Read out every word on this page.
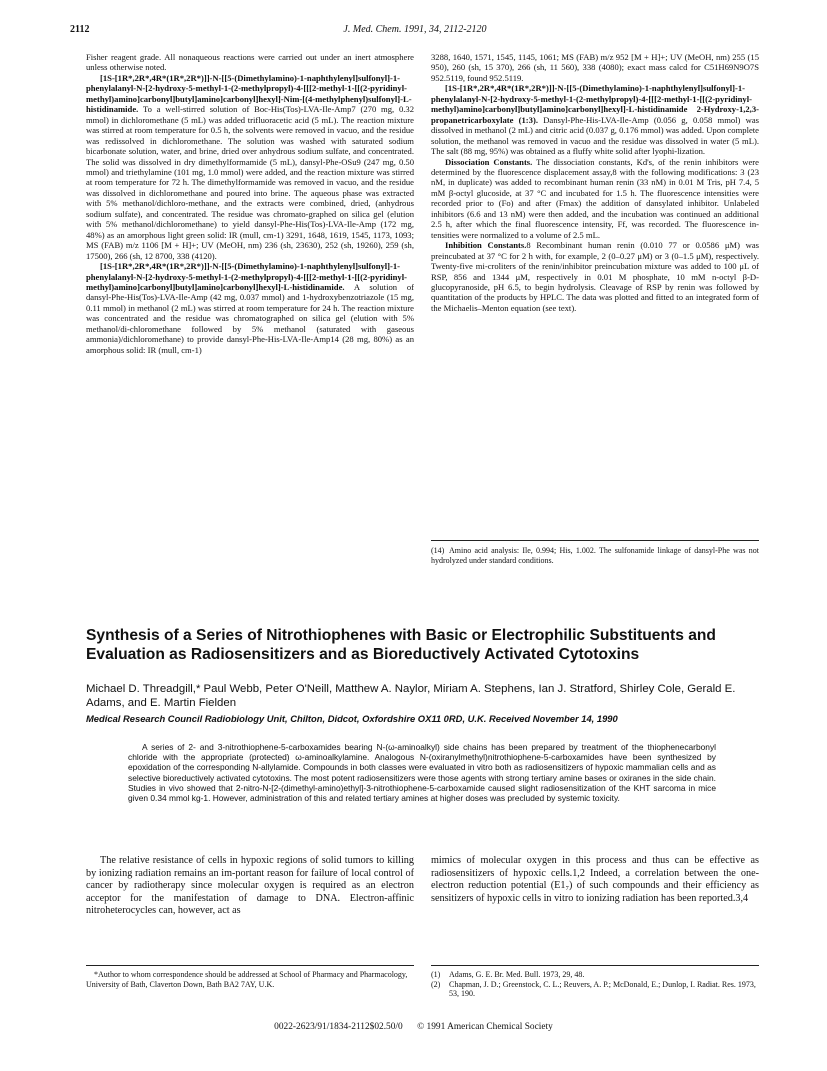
2112	J. Med. Chem. 1991, 34, 2112-2120

Fisher reagent grade. All nonaqueous reactions were carried out under an inert atmosphere unless otherwise noted.

[1S-[1R*,2R*,4R*(1R*,2R*)]]-N-[[5-(Dimethylamino)-1-naphthylenyl]sulfonyl]-1-phenylalanyl-N-[2-hydroxy-5-methyl-1-(2-methylpropyl)-4-[[[2-methyl-1-[[(2-pyridinyl-methyl)amino]carbonyl]butyl]amino]carbonyl]hexyl]-Nim-[(4-methylphenyl)sulfonyl]-L-histidinamide. To a well-stirred solution of Boc-His(Tos)-LVA-Ile-Amp7 (270 mg, 0.32 mmol) in dichloromethane (5 mL) was added trifluoracetic acid (5 mL). The reaction mixture was stirred at room temperature for 0.5 h, the solvents were removed in vacuo, and the residue was redissolved in dichloromethane. The solution was washed with saturated sodium bicarbonate solution, water, and brine, dried over anhydrous sodium sulfate, and concentrated. The solid was dissolved in dry dimethylformamide (5 mL), dansyl-Phe-OSu9 (247 mg, 0.50 mmol) and triethylamine (101 mg, 1.0 mmol) were added, and the reaction mixture was stirred at room temperature for 72 h. The dimethylformamide was removed in vacuo, and the residue was dissolved in dichloromethane and poured into brine. The aqueous phase was extracted with 5% methanol/dichloro-methane, and the extracts were combined, dried, (anhydrous sodium sulfate), and concentrated. The residue was chromato-graphed on silica gel (elution with 5% methanol/dichloromethane) to yield dansyl-Phe-His(Tos)-LVA-Ile-Amp (172 mg, 48%) as an amorphous light green solid: IR (mull, cm-1) 3291, 1648, 1619, 1545, 1173, 1093; MS (FAB) m/z 1106 [M + H]+; UV (MeOH, nm) 236 (sh, 23630), 252 (sh, 19260), 259 (sh, 17500), 266 (sh, 12 8700, 338 (4120).

[1S-[1R*,2R*,4R*(1R*,2R*)]]-N-[[5-(Dimethylamino)-1-naphthylenyl]sulfonyl]-1-phenylalanyl-N-[2-hydroxy-5-methyl-1-(2-methylpropyl)-4-[[[2-methyl-1-[[(2-pyridinyl-methyl)amino]carbonyl]butyl]amino]carbonyl]hexyl]-L-histidinamide. A solution of dansyl-Phe-His(Tos)-LVA-Ile-Amp (42 mg, 0.037 mmol) and 1-hydroxybenzotriazole (15 mg, 0.11 mmol) in methanol (2 mL) was stirred at room temperature for 24 h. The reaction mixture was concentrated and the residue was chromatographed on silica gel (elution with 5% methanol/di-chloromethane followed by 5% methanol (saturated with gaseous ammonia)/dichloromethane) to provide dansyl-Phe-His-LVA-Ile-Amp14 (28 mg, 80%) as an amorphous solid: IR (mull, cm-1)

3288, 1640, 1571, 1545, 1145, 1061; MS (FAB) m/z 952 [M + H]+; UV (MeOH, nm) 255 (15 950), 260 (sh, 15 370), 266 (sh, 11 560), 338 (4080); exact mass calcd for C51H69N9O7S 952.5119, found 952.5119.

[1S-[1R*,2R*,4R*(1R*,2R*)]]-N-[[5-(Dimethylamino)-1-naphthylenyl]sulfonyl]-1-phenylalanyl-N-[2-hydroxy-5-methyl-1-(2-methylpropyl)-4-[[[2-methyl-1-[[(2-pyridinyl-methyl)amino]carbonyl]butyl]amino]carbonyl]hexyl]-L-histidinamide 2-Hydroxy-1,2,3-propanetricarboxylate (1:3). Dansyl-Phe-His-LVA-Ile-Amp (0.056 g, 0.058 mmol) was dissolved in methanol (2 mL) and citric acid (0.037 g, 0.176 mmol) was added. Upon complete solution, the methanol was removed in vacuo and the residue was dissolved in water (5 mL). The salt (88 mg, 95%) was obtained as a fluffy white solid after lyophi-lization.

Dissociation Constants. The dissociation constants, Kd's, of the renin inhibitors were determined by the fluorescence displacement assay,8 with the following modifications: 3 (23 nM, in duplicate) was added to recombinant human renin (33 nM) in 0.01 M Tris, pH 7.4, 5 mM β-octyl glucoside, at 37 °C and incubated for 1.5 h. The fluorescence intensities were recorded prior to (Fo) and after (Fmax) the addition of dansylated inhibitor. Unlabeled inhibitors (6.6 and 13 nM) were then added, and the incubation was continued an additional 2.5 h, after which the final fluorescence intensity, Ff, was recorded. The fluorescence in-tensities were normalized to a volume of 2.5 mL.

Inhibition Constants.8 Recombinant human renin (0.010 77 or 0.0586 μM) was preincubated at 37 °C for 2 h with, for example, 2 (0–0.27 μM) or 3 (0–1.5 μM), respectively. Twenty-five mi-croliters of the renin/inhibitor preincubation mixture was added to 100 μL of RSP, 856 and 1344 μM, respectively in 0.01 M phosphate, 10 mM n-octyl β-D-glucopyranoside, pH 6.5, to begin hydrolysis. Cleavage of RSP by renin was followed by quantitation of the products by HPLC. The data was plotted and fitted to an integrated form of the Michaelis–Menton equation (see text).

(14) Amino acid analysis: Ile, 0.994; His, 1.002. The sulfonamide linkage of dansyl-Phe was not hydrolyzed under standard conditions.
Synthesis of a Series of Nitrothiophenes with Basic or Electrophilic Substituents and Evaluation as Radiosensitizers and as Bioreductively Activated Cytotoxins
Michael D. Threadgill,* Paul Webb, Peter O'Neill, Matthew A. Naylor, Miriam A. Stephens, Ian J. Stratford, Shirley Cole, Gerald E. Adams, and E. Martin Fielden
Medical Research Council Radiobiology Unit, Chilton, Didcot, Oxfordshire OX11 0RD, U.K. Received November 14, 1990
A series of 2- and 3-nitrothiophene-5-carboxamides bearing N-(ω-aminoalkyl) side chains has been prepared by treatment of the thiophenecarbonyl chloride with the appropriate (protected) ω-aminoalkylamine. Analogous N-(oxiranylmethyl)nitrothiophene-5-carboxamides have been synthesized by epoxidation of the corresponding N-allylamide. Compounds in both classes were evaluated in vitro both as radiosensitizers of hypoxic mammalian cells and as selective bioreductively activated cytotoxins. The most potent radiosensitizers were those agents with strong tertiary amine bases or oxiranes in the side chain. Studies in vivo showed that 2-nitro-N-[2-(dimethyl-amino)ethyl]-3-nitrothiophene-5-carboxamide caused slight radiosensitization of the KHT sarcoma in mice given 0.34 mmol kg-1. However, administration of this and related tertiary amines at higher doses was precluded by systemic toxicity.
The relative resistance of cells in hypoxic regions of solid tumors to killing by ionizing radiation remains an im-portant reason for failure of local control of cancer by radiotherapy since molecular oxygen is required as an electron acceptor for the manifestation of damage to DNA. Electron-affinic nitroheterocycles can, however, act as
mimics of molecular oxygen in this process and thus can be effective as radiosensitizers of hypoxic cells.1,2 Indeed, a correlation between the one-electron reduction potential (E1₇) of such compounds and their efficiency as sensitizers of hypoxic cells in vitro to ionizing radiation has been reported.3,4
*Author to whom correspondence should be addressed at School of Pharmacy and Pharmacology, University of Bath, Claverton Down, Bath BA2 7AY, U.K.
(1) Adams, G. E. Br. Med. Bull. 1973, 29, 48.
(2) Chapman, J. D.; Greenstock, C. L.; Reuvers, A. P.; McDonald, E.; Dunlop, I. Radiat. Res. 1973, 53, 190.
0022-2623/91/1834-2112$02.50/0 © 1991 American Chemical Society
